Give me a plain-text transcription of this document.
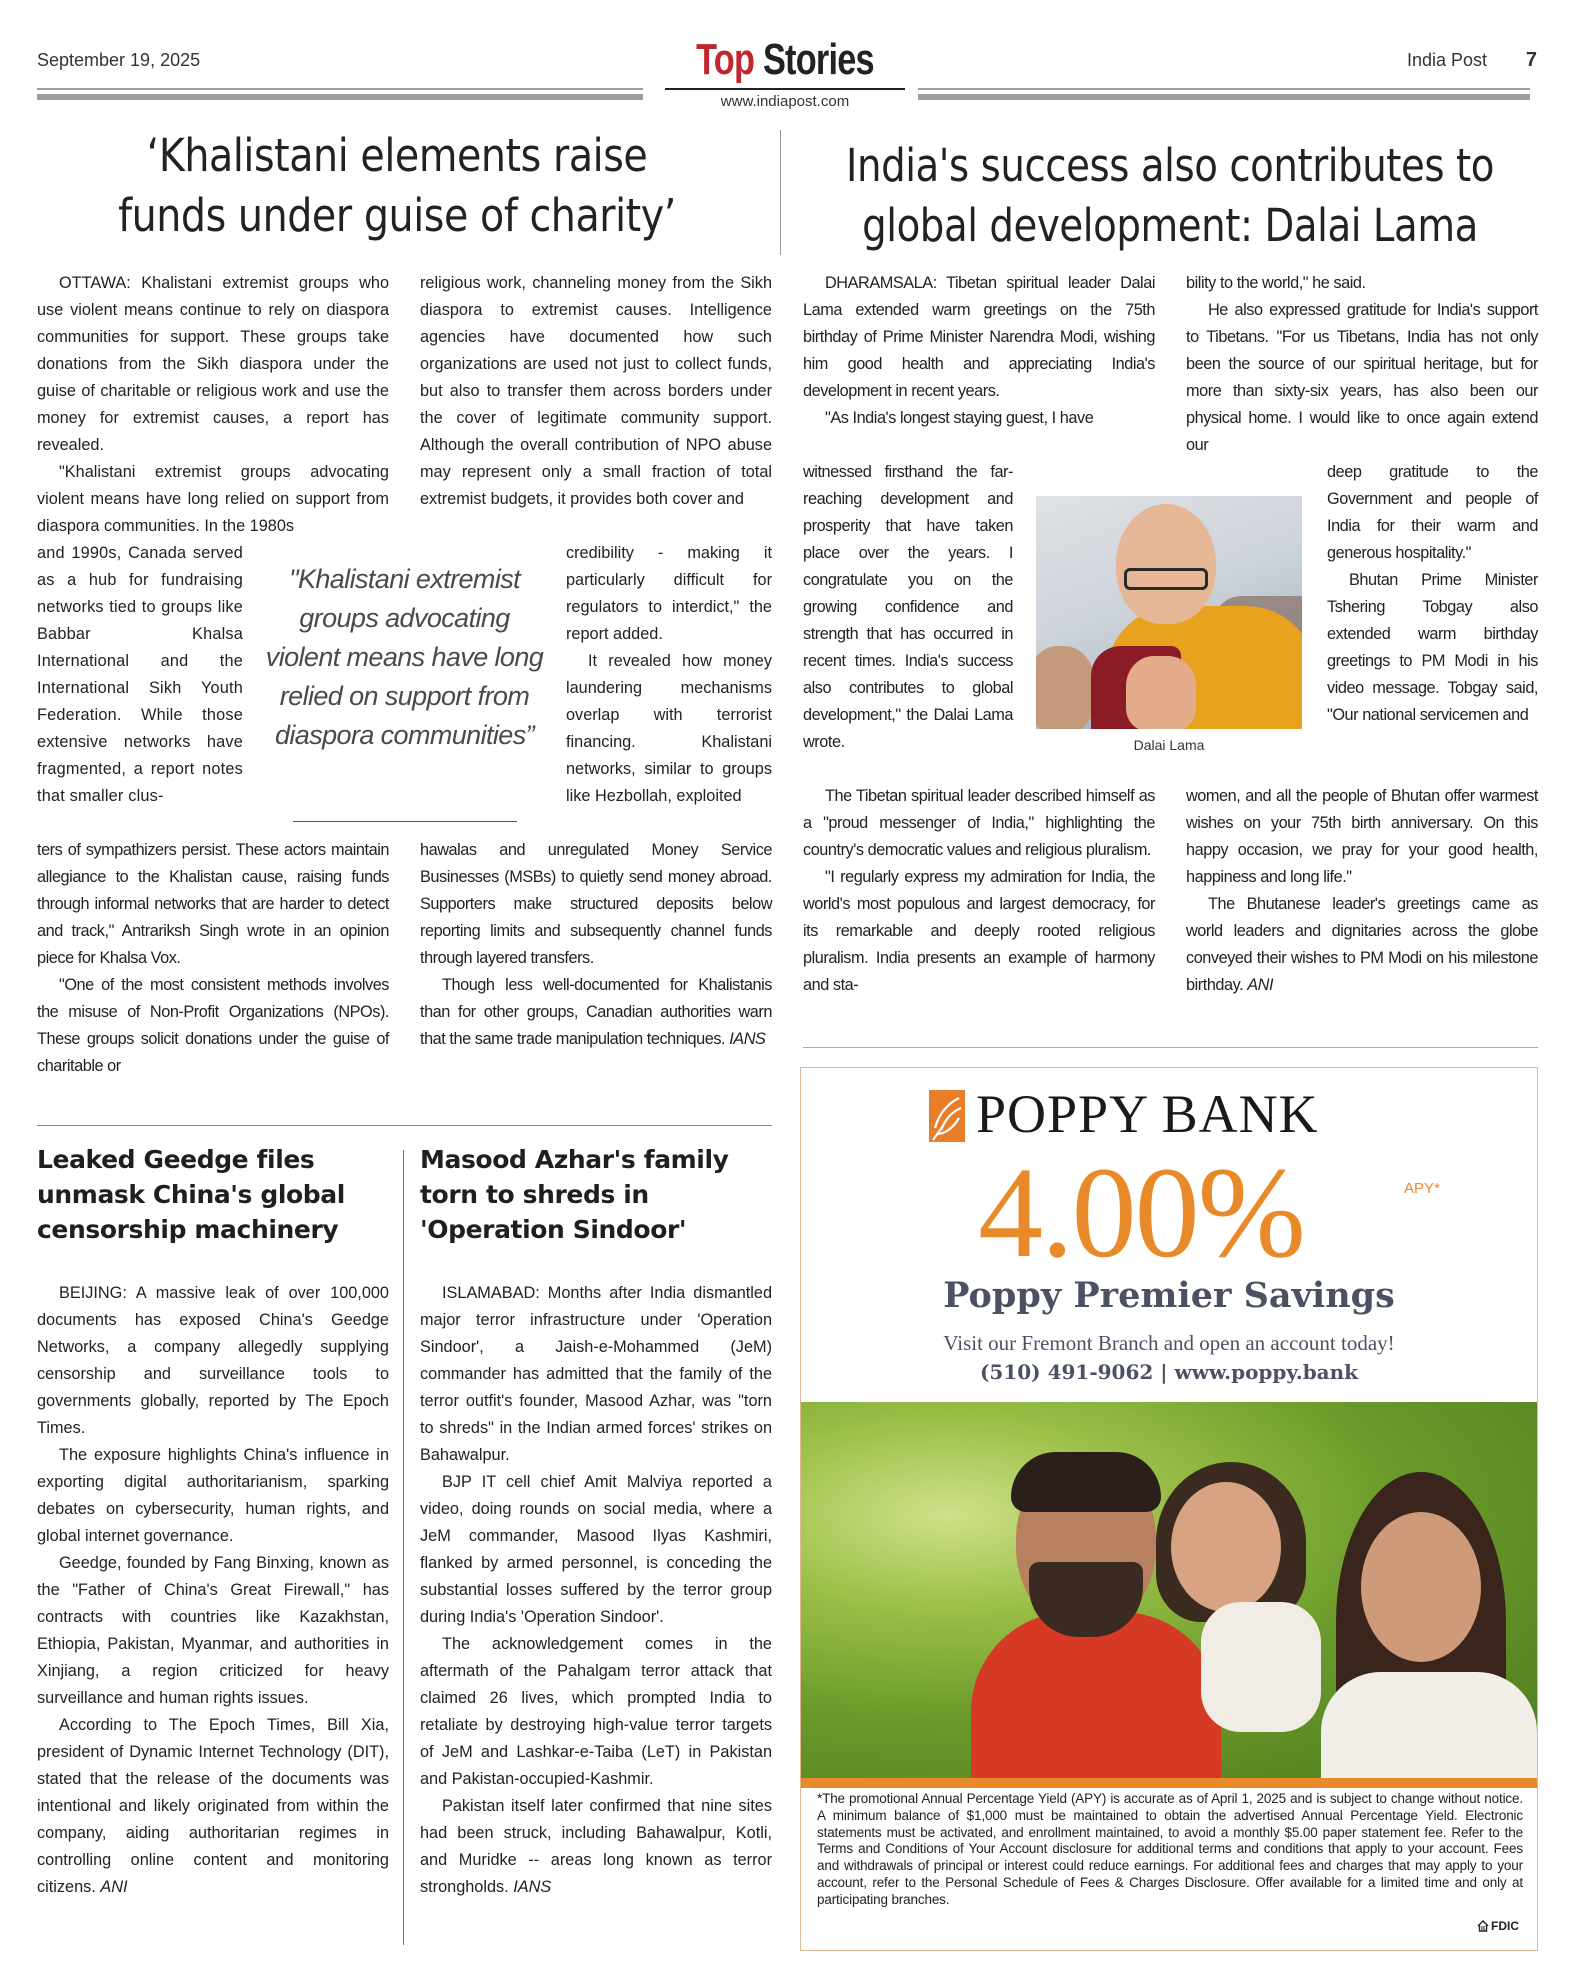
September 19, 2025	Top Stories
www.indiapost.com
India Post 7
‘Khalistani elements raise
funds under guise of charity’

OTTAWA: Khalistani extremist groups who use violent means continue to rely on diaspora communities for support. These groups take donations from the Sikh diaspora under the guise of charitable or religious work and use the money for extremist causes, a report has revealed.

"Khalistani extremist groups advocating violent means have long relied on support from diaspora communities. In the 1980s

and 1990s, Canada served as a hub for fundraising networks tied to groups like Babbar Khalsa International and the International Sikh Youth Federation. While those extensive networks have fragmented, a report notes that smaller clus-

ters of sympathizers persist. These actors maintain allegiance to the Khalistan cause, raising funds through informal networks that are harder to detect and track," Antrariksh Singh wrote in an opinion piece for Khalsa Vox.

"One of the most consistent methods involves the misuse of Non-Profit Organizations (NPOs). These groups solicit donations under the guise of charitable or

religious work, channeling money from the Sikh diaspora to extremist causes. Intelligence agencies have documented how such organizations are used not just to collect funds, but also to transfer them across borders under the cover of legitimate community support. Although the overall contribution of NPO abuse may represent only a small fraction of total extremist budgets, it provides both cover and

credibility - making it particularly difficult for regulators to interdict," the report added.

It revealed how money laundering mechanisms overlap with terrorist financing. Khalistani networks, similar to groups like Hezbollah, exploited

hawalas and unregulated Money Service Businesses (MSBs) to quietly send money abroad. Supporters make structured deposits below reporting limits and subsequently channel funds through layered transfers.

Though less well-documented for Khalistanis than for other groups, Canadian authorities warn that the same trade manipulation techniques. IANS

"Khalistani extremist groups advocating violent means have long relied on support from diaspora communities”
India's success also contributes to
global development: Dalai Lama

DHARAMSALA: Tibetan spiritual leader Dalai Lama extended warm greetings on the 75th birthday of Prime Minister Narendra Modi, wishing him good health and appreciating India's development in recent years.

"As India's longest staying guest, I have

witnessed firsthand the far-reaching development and prosperity that have taken place over the years. I congratulate you on the growing confidence and strength that has occurred in recent times. India's success also contributes to global development," the Dalai Lama wrote.

The Tibetan spiritual leader described himself as a "proud messenger of India," highlighting the country's democratic values and religious pluralism.

"I regularly express my admiration for India, the world's most populous and largest democracy, for its remarkable and deeply rooted religious pluralism. India presents an example of harmony and sta-

bility to the world," he said.

He also expressed gratitude for India's support to Tibetans. "For us Tibetans, India has not only been the source of our spiritual heritage, but for more than sixty-six years, has also been our physical home. I would like to once again extend our

deep gratitude to the Government and people of India for their warm and generous hospitality."

Bhutan Prime Minister Tshering Tobgay also extended warm birthday greetings to PM Modi in his video message. Tobgay said, "Our national servicemen and

women, and all the people of Bhutan offer warmest wishes on your 75th birth anniversary. On this happy occasion, we pray for your good health, happiness and long life."

The Bhutanese leader's greetings came as world leaders and dignitaries across the globe conveyed their wishes to PM Modi on his milestone birthday. ANI

Dalai Lama
Leaked Geedge files unmask China's global censorship machinery

BEIJING: A massive leak of over 100,000 documents has exposed China's Geedge Networks, a company allegedly supplying censorship and surveillance tools to governments globally, reported by The Epoch Times.

The exposure highlights China's influence in exporting digital authoritarianism, sparking debates on cybersecurity, human rights, and global internet governance.

Geedge, founded by Fang Binxing, known as the "Father of China's Great Firewall," has contracts with countries like Kazakhstan, Ethiopia, Pakistan, Myanmar, and authorities in Xinjiang, a region criticized for heavy surveillance and human rights issues.

According to The Epoch Times, Bill Xia, president of Dynamic Internet Technology (DIT), stated that the release of the documents was intentional and likely originated from within the company, aiding authoritarian regimes in controlling online content and monitoring citizens. ANI

Masood Azhar's family torn to shreds in 'Operation Sindoor'

ISLAMABAD: Months after India dismantled major terror infrastructure under 'Operation Sindoor', a Jaish-e-Mohammed (JeM) commander has admitted that the family of the terror outfit's founder, Masood Azhar, was "torn to shreds" in the Indian armed forces' strikes on Bahawalpur.

BJP IT cell chief Amit Malviya reported a video, doing rounds on social media, where a JeM commander, Masood Ilyas Kashmiri, flanked by armed personnel, is conceding the substantial losses suffered by the terror group during India's 'Operation Sindoor'.

The acknowledgement comes in the aftermath of the Pahalgam terror attack that claimed 26 lives, which prompted India to retaliate by destroying high-value terror targets of JeM and Lashkar-e-Taiba (LeT) in Pakistan and Pakistan-occupied-Kashmir.

Pakistan itself later confirmed that nine sites had been struck, including Bahawalpur, Kotli, and Muridke -- areas long known as terror strongholds. IANS

POPPY BANK
4.00%	APY*
Poppy Premier Savings
Visit our Fremont Branch and open an account today!
(510) 491-9062 | www.poppy.bank
*The promotional Annual Percentage Yield (APY) is accurate as of April 1, 2025 and is subject to change without notice. A minimum balance of $1,000 must be maintained to obtain the advertised Annual Percentage Yield. Electronic statements must be activated, and enrollment maintained, to avoid a monthly $5.00 paper statement fee. Refer to the Terms and Conditions of Your Account disclosure for additional terms and conditions that apply to your account. Fees and withdrawals of principal or interest could reduce earnings. For additional fees and charges that may apply to your account, refer to the Personal Schedule of Fees & Charges Disclosure. Offer available for a limited time and only at participating branches.
FDIC
